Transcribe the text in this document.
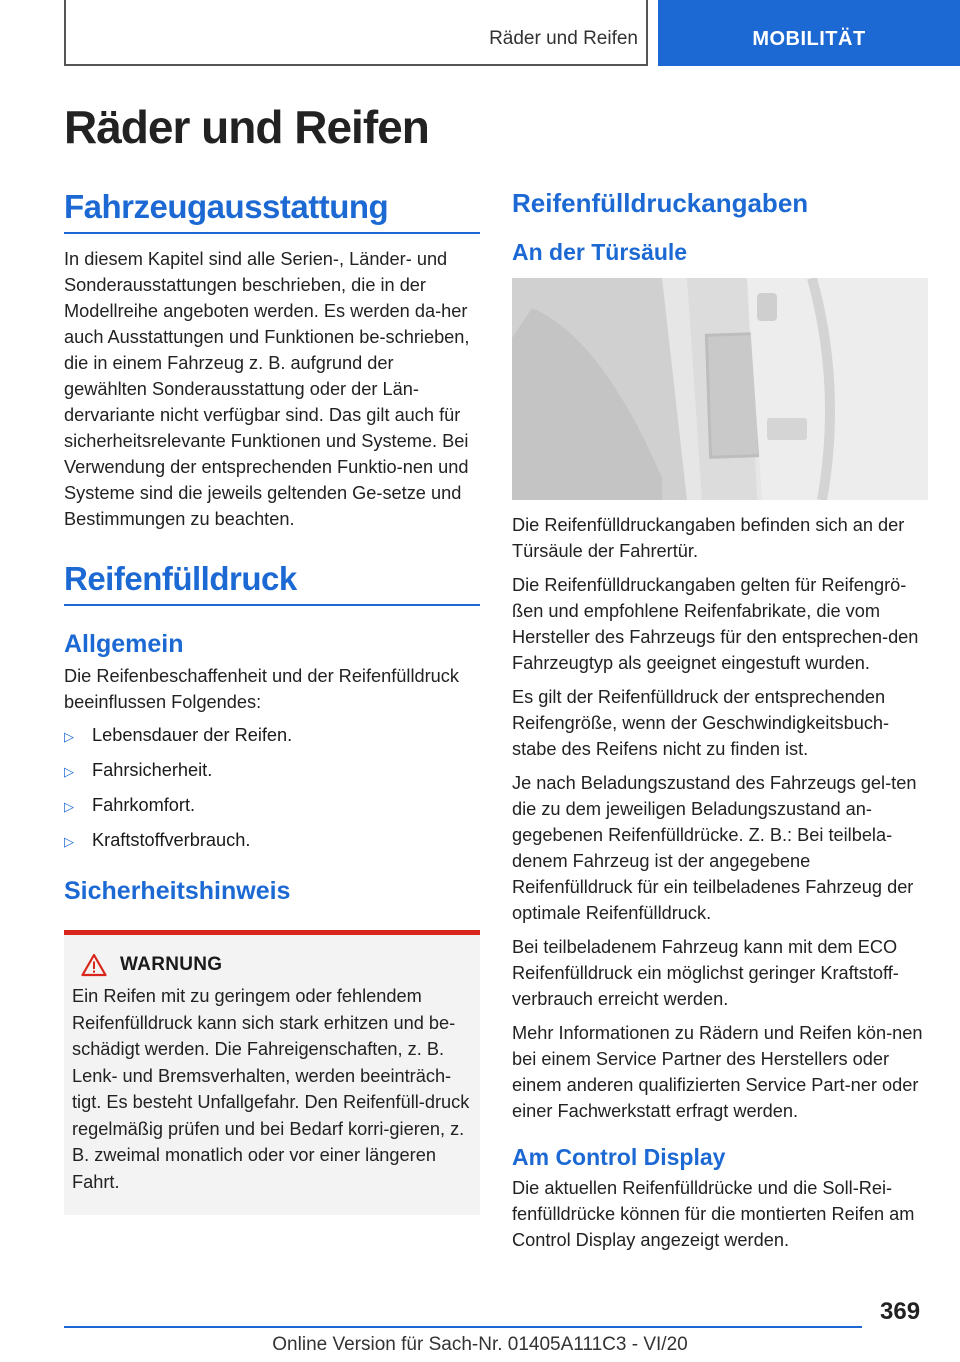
Räder und Reifen	MOBILITÄT
Räder und Reifen
Fahrzeugausstattung

In diesem Kapitel sind alle Serien-, Länder- und Sonderausstattungen beschrieben, die in der Modellreihe angeboten werden. Es werden da-her auch Ausstattungen und Funktionen be-schrieben, die in einem Fahrzeug z. B. aufgrund der gewählten Sonderausstattung oder der Län-dervariante nicht verfügbar sind. Das gilt auch für sicherheitsrelevante Funktionen und Systeme. Bei Verwendung der entsprechenden Funktio-nen und Systeme sind die jeweils geltenden Ge-setze und Bestimmungen zu beachten.

Reifenfülldruck
Allgemein

Die Reifenbeschaffenheit und der Reifenfülldruck beeinflussen Folgendes:

▷ Lebensdauer der Reifen.
▷ Fahrsicherheit.
▷ Fahrkomfort.
▷ Kraftstoffverbrauch.
Sicherheitshinweis
WARNUNG

Ein Reifen mit zu geringem oder fehlendem Reifenfülldruck kann sich stark erhitzen und be-schädigt werden. Die Fahreigenschaften, z. B. Lenk- und Bremsverhalten, werden beeinträch-tigt. Es besteht Unfallgefahr. Den Reifenfüll-druck regelmäßig prüfen und bei Bedarf korri-gieren, z. B. zweimal monatlich oder vor einer längeren Fahrt.

Reifenfülldruckangaben
An der Türsäule

Die Reifenfülldruckangaben befinden sich an der Türsäule der Fahrertür.

Die Reifenfülldruckangaben gelten für Reifengrö-ßen und empfohlene Reifenfabrikate, die vom Hersteller des Fahrzeugs für den entsprechen-den Fahrzeugtyp als geeignet eingestuft wurden.

Es gilt der Reifenfülldruck der entsprechenden Reifengröße, wenn der Geschwindigkeitsbuch-stabe des Reifens nicht zu finden ist.

Je nach Beladungszustand des Fahrzeugs gel-ten die zu dem jeweiligen Beladungszustand an-gegebenen Reifenfülldrücke. Z. B.: Bei teilbela-denem Fahrzeug ist der angegebene Reifenfülldruck für ein teilbeladenes Fahrzeug der optimale Reifenfülldruck.

Bei teilbeladenem Fahrzeug kann mit dem ECO Reifenfülldruck ein möglichst geringer Kraftstoff-verbrauch erreicht werden.

Mehr Informationen zu Rädern und Reifen kön-nen bei einem Service Partner des Herstellers oder einem anderen qualifizierten Service Part-ner oder einer Fachwerkstatt erfragt werden.

Am Control Display

Die aktuellen Reifenfülldrücke und die Soll-Rei-fenfülldrücke können für die montierten Reifen am Control Display angezeigt werden.

369
Online Version für Sach-Nr. 01405A111C3 - VI/20
